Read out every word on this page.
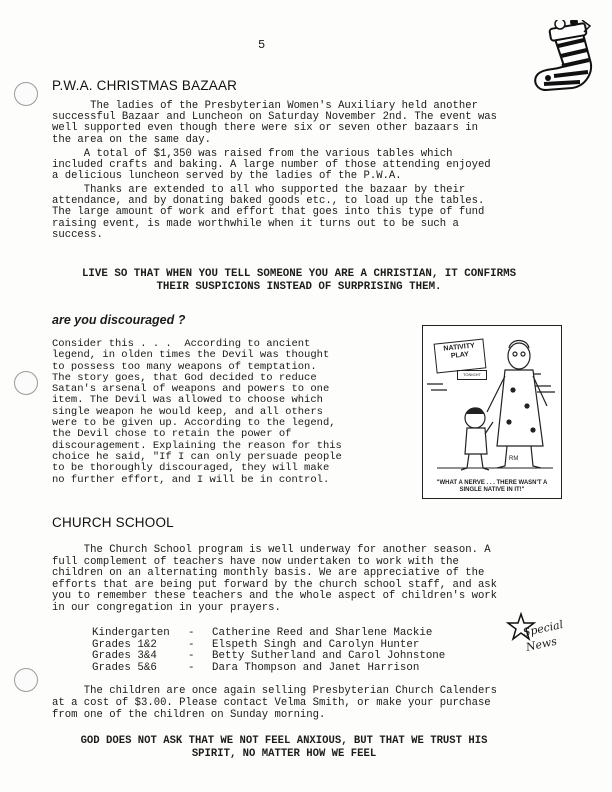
5
P.W.A. CHRISTMAS BAZAAR
The ladies of the Presbyterian Women's Auxiliary held another
successful Bazaar and Luncheon on Saturday November 2nd. The event was
well supported even though there were six or seven other bazaars in
the area on the same day.
A total of $1,350 was raised from the various tables which
included crafts and baking. A large number of those attending enjoyed
a delicious luncheon served by the ladies of the P.W.A.
Thanks are extended to all who supported the bazaar by their
attendance, and by donating baked goods etc., to load up the tables.
The large amount of work and effort that goes into this type of fund
raising event, is made worthwhile when it turns out to be such a
success.
LIVE SO THAT WHEN YOU TELL SOMEONE YOU ARE A CHRISTIAN, IT CONFIRMS
THEIR SUSPICIONS INSTEAD OF SURPRISING THEM.
are you discouraged ?
Consider this . . .  According to ancient
legend, in olden times the Devil was thought
to possess too many weapons of temptation.
The story goes, that God decided to reduce
Satan's arsenal of weapons and powers to one
item. The Devil was allowed to choose which
single weapon he would keep, and all others
were to be given up. According to the legend,
the Devil chose to retain the power of
discouragement. Explaining the reason for this
choice he said, "If I can only persuade people
to be thoroughly discouraged, they will make
no further effort, and I will be in control.
NATIVITY PLAY
TONIGHT
RM
"WHAT A NERVE . . . THERE WASN'T A SINGLE NATIVE IN IT!"
CHURCH SCHOOL
The Church School program is well underway for another season. A
full complement of teachers have now undertaken to work with the
children on an alternating monthly basis. We are appreciative of the
efforts that are being put forward by the church school staff, and ask
you to remember these teachers and the whole aspect of children's work
in our congregation in your prayers.
Kindergarten	-	Catherine Reed and Sharlene Mackie
Grades 1&2	-	Elspeth Singh and Carolyn Hunter
Grades 3&4	-	Betty Sutherland and Carol Johnstone
Grades 5&6	-	Dara Thompson and Janet Harrison
Special News
The children are once again selling Presbyterian Church Calenders
at a cost of $3.00. Please contact Velma Smith, or make your purchase
from one of the children on Sunday morning.
GOD DOES NOT ASK THAT WE NOT FEEL ANXIOUS, BUT THAT WE TRUST HIS
SPIRIT, NO MATTER HOW WE FEEL
